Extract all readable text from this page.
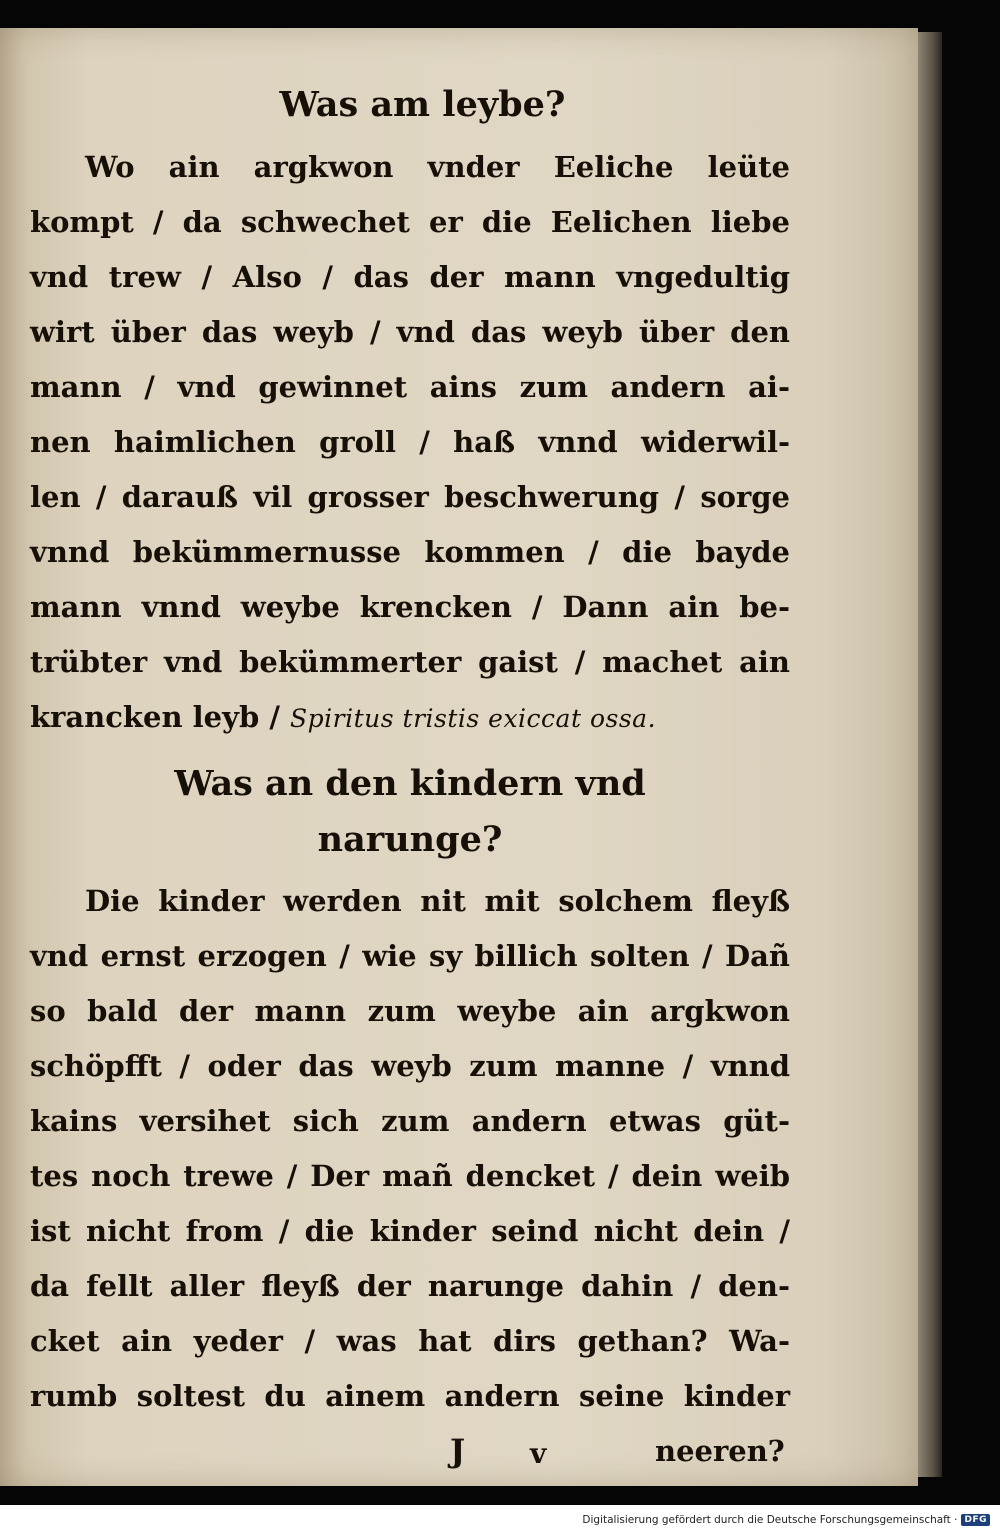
Was am leybe?

Wo ain argkwon vnder Eeliche leüte

kompt / da schwechet er die Eelichen liebe

vnd trew / Also / das der mann vngedultig

wirt über das weyb / vnd das weyb über den

mann / vnd gewinnet ains zum andern ai-

nen haimlichen groll / haß vnnd widerwil-

len / darauß vil grosser beschwerung / sorge

vnnd bekümmernusse kommen / die bayde

mann vnnd weybe krencken / Dann ain be-

trübter vnd bekümmerter gaist / machet ain

krancken leyb / Spiritus tristis exiccat ossa.

Was an den kindern vnd
narunge?

Die kinder werden nit mit solchem fleyß

vnd ernst erzogen / wie sy billich solten / Dañ

so bald der mann zum weybe ain argkwon

schöpfft / oder das weyb zum manne / vnnd

kains versihet sich zum andern etwas güt-

tes noch trewe / Der mañ dencket / dein weib

ist nicht from / die kinder seind nicht dein /

da fellt aller fleyß der narunge dahin / den-

cket ain yeder / was hat dirs gethan? Wa-

rumb soltest du ainem andern seine kinder

J v	neeren?
Digitalisierung gefördert durch die Deutsche Forschungsgemeinschaft · DFG
